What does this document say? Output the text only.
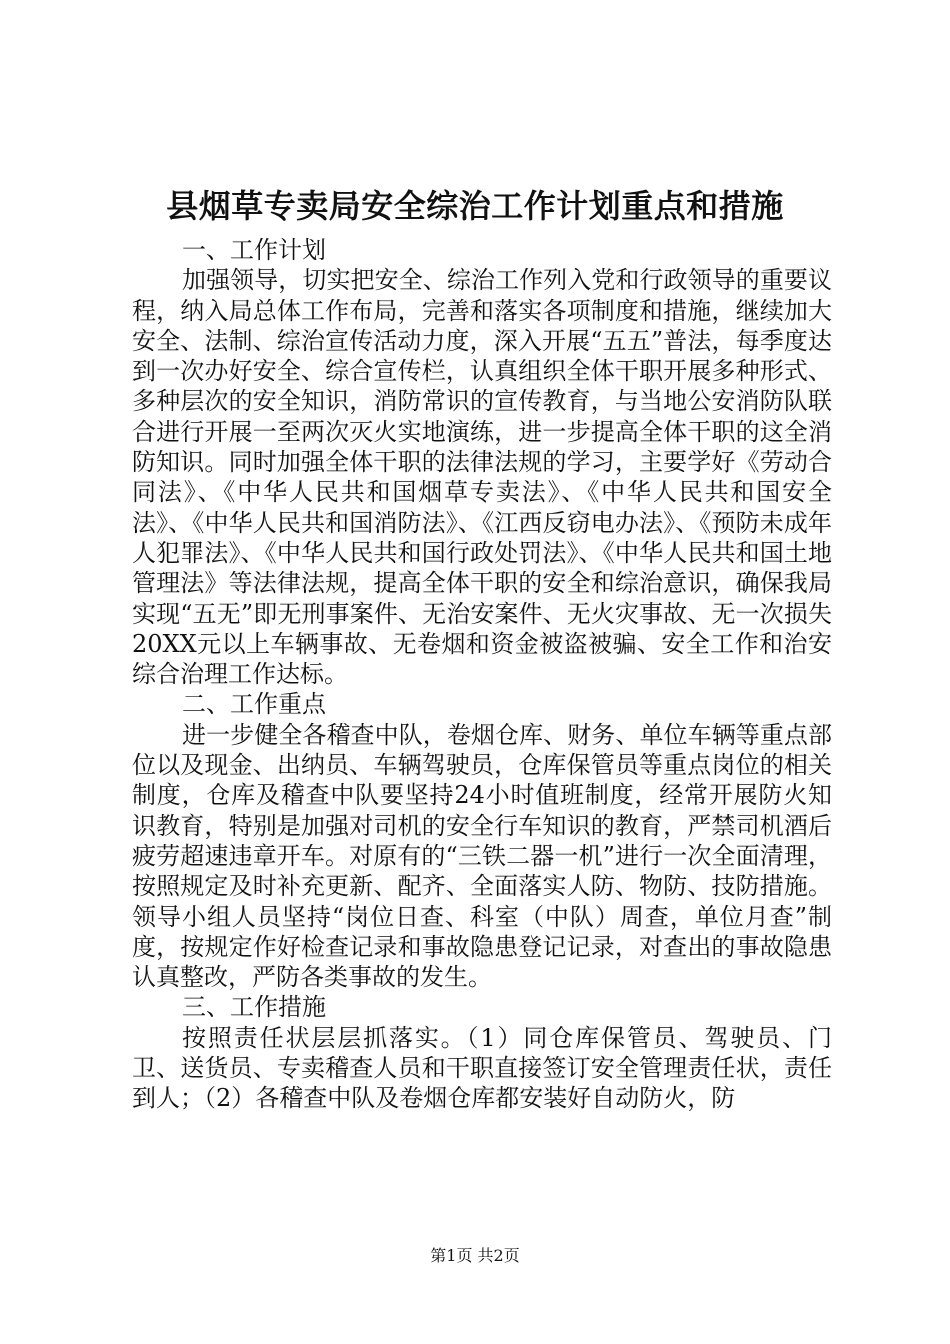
县烟草专卖局安全综治工作计划重点和措施

一、工作计划

加强领导，切实把安全、综治工作列入党和行政领导的重要议程，纳入局总体工作布局，完善和落实各项制度和措施，继续加大安全、法制、综治宣传活动力度，深入开展“五五”普法，每季度达到一次办好安全、综合宣传栏，认真组织全体干职开展多种形式、多种层次的安全知识，消防常识的宣传教育，与当地公安消防队联合进行开展一至两次灭火实地演练，进一步提高全体干职的这全消防知识。同时加强全体干职的法律法规的学习，主要学好《劳动合同法》、《中华人民共和国烟草专卖法》、《中华人民共和国安全法》、《中华人民共和国消防法》、《江西反窃电办法》、《预防未成年人犯罪法》、《中华人民共和国行政处罚法》、《中华人民共和国土地管理法》等法律法规，提高全体干职的安全和综治意识，确保我局实现“五无”即无刑事案件、无治安案件、无火灾事故、无一次损失20XX元以上车辆事故、无卷烟和资金被盗被骗、安全工作和治安综合治理工作达标。

二、工作重点

进一步健全各稽查中队，卷烟仓库、财务、单位车辆等重点部位以及现金、出纳员、车辆驾驶员，仓库保管员等重点岗位的相关制度，仓库及稽查中队要坚持24小时值班制度，经常开展防火知识教育，特别是加强对司机的安全行车知识的教育，严禁司机酒后疲劳超速违章开车。对原有的“三铁二器一机”进行一次全面清理，按照规定及时补充更新、配齐、全面落实人防、物防、技防措施。领导小组人员坚持“岗位日查、科室（中队）周查，单位月查”制度，按规定作好检查记录和事故隐患登记记录，对查出的事故隐患认真整改，严防各类事故的发生。

三、工作措施

按照责任状层层抓落实。（1）同仓库保管员、驾驶员、门卫、送货员、专卖稽查人员和干职直接签订安全管理责任状，责任到人；（2）各稽查中队及卷烟仓库都安装好自动防火，防

第1页 共2页
